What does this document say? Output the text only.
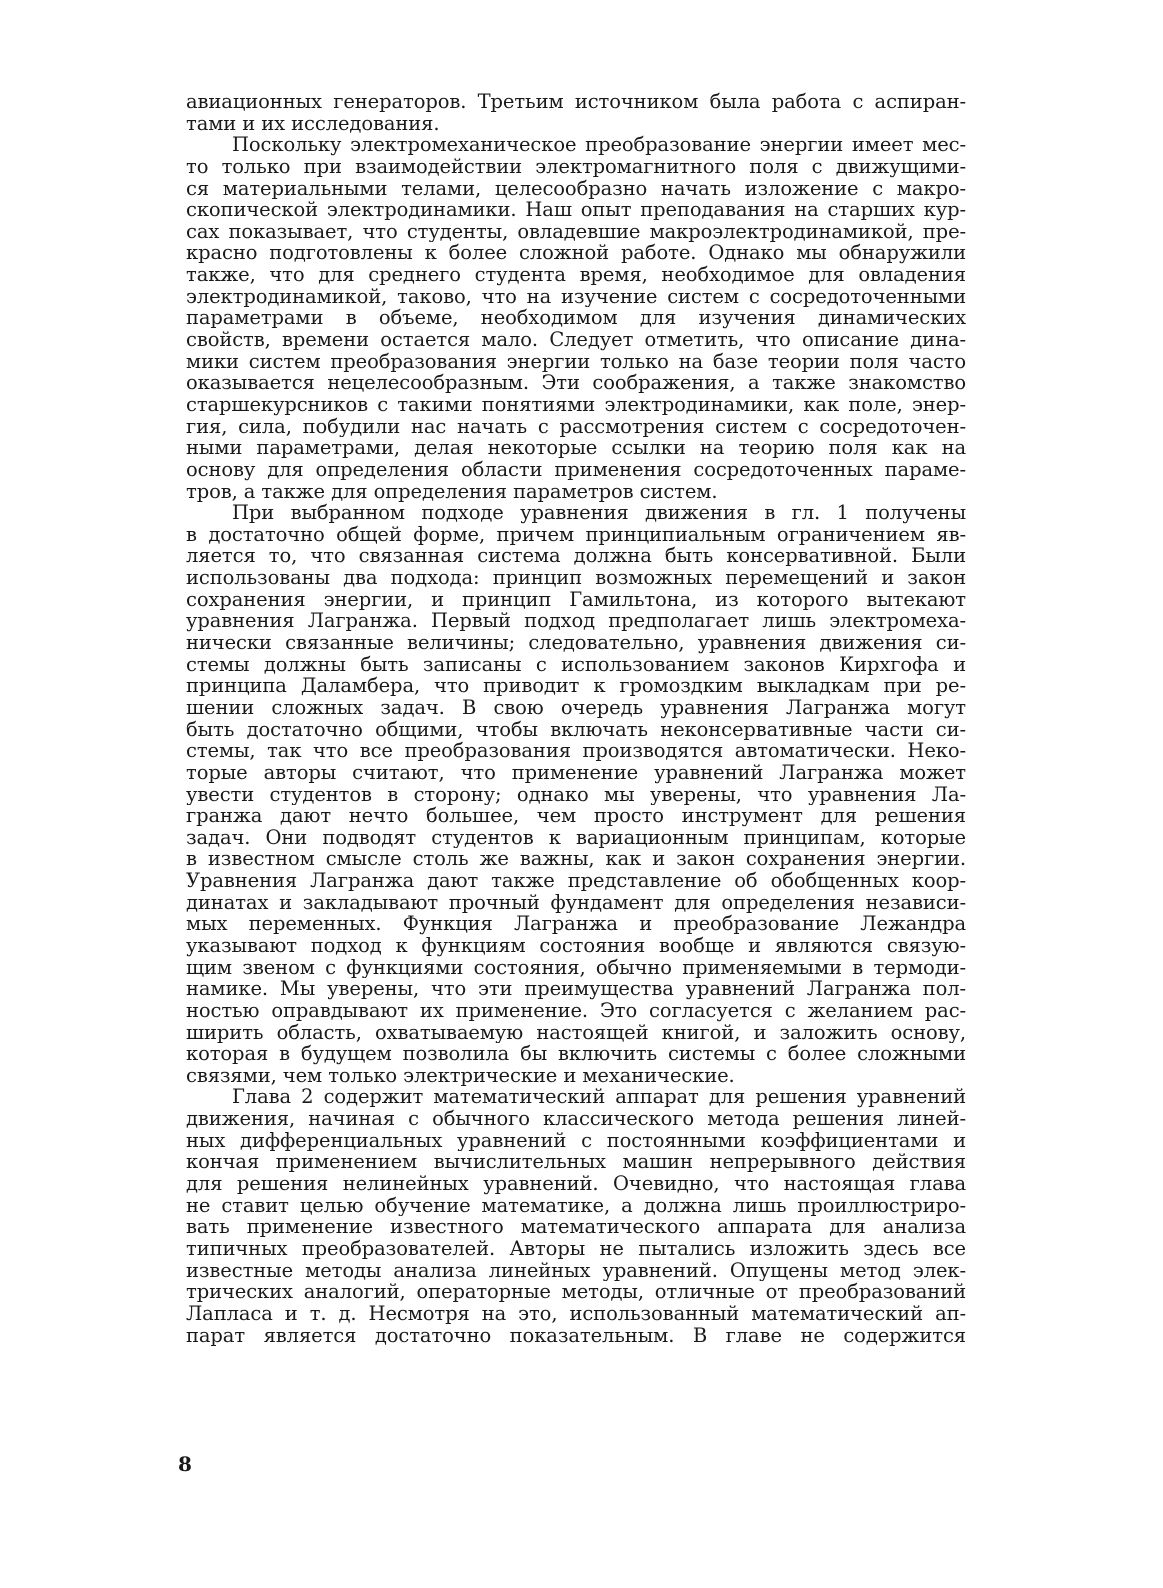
авиационных генераторов. Третьим источником была работа с аспиран-
тами и их исследования.
Поскольку электромеханическое преобразование энергии имеет мес-
то только при взаимодействии электромагнитного поля с движущими-
ся материальными телами, целесообразно начать изложение с макро-
скопической электродинамики. Наш опыт преподавания на старших кур-
сах показывает, что студенты, овладевшие макроэлектродинамикой, пре-
красно подготовлены к более сложной работе. Однако мы обнаружили
также, что для среднего студента время, необходимое для овладения
электродинамикой, таково, что на изучение систем с сосредоточенными
параметрами в объеме, необходимом для изучения динамических
свойств, времени остается мало. Следует отметить, что описание дина-
мики систем преобразования энергии только на базе теории поля часто
оказывается нецелесообразным. Эти соображения, а также знакомство
старшекурсников с такими понятиями электродинамики, как поле, энер-
гия, сила, побудили нас начать с рассмотрения систем с сосредоточен-
ными параметрами, делая некоторые ссылки на теорию поля как на
основу для определения области применения сосредоточенных параме-
тров, а также для определения параметров систем.
При выбранном подходе уравнения движения в гл. 1 получены
в достаточно общей форме, причем принципиальным ограничением яв-
ляется то, что связанная система должна быть консервативной. Были
использованы два подхода: принцип возможных перемещений и закон
сохранения энергии, и принцип Гамильтона, из которого вытекают
уравнения Лагранжа. Первый подход предполагает лишь электромеха-
нически связанные величины; следовательно, уравнения движения си-
стемы должны быть записаны с использованием законов Кирхгофа и
принципа Даламбера, что приводит к громоздким выкладкам при ре-
шении сложных задач. В свою очередь уравнения Лагранжа могут
быть достаточно общими, чтобы включать неконсервативные части си-
стемы, так что все преобразования производятся автоматически. Неко-
торые авторы считают, что применение уравнений Лагранжа может
увести студентов в сторону; однако мы уверены, что уравнения Ла-
гранжа дают нечто большее, чем просто инструмент для решения
задач. Они подводят студентов к вариационным принципам, которые
в известном смысле столь же важны, как и закон сохранения энергии.
Уравнения Лагранжа дают также представление об обобщенных коор-
динатах и закладывают прочный фундамент для определения независи-
мых переменных. Функция Лагранжа и преобразование Лежандра
указывают подход к функциям состояния вообще и являются связую-
щим звеном с функциями состояния, обычно применяемыми в термоди-
намике. Мы уверены, что эти преимущества уравнений Лагранжа пол-
ностью оправдывают их применение. Это согласуется с желанием рас-
ширить область, охватываемую настоящей книгой, и заложить основу,
которая в будущем позволила бы включить системы с более сложными
связями, чем только электрические и механические.
Глава 2 содержит математический аппарат для решения уравнений
движения, начиная с обычного классического метода решения линей-
ных дифференциальных уравнений с постоянными коэффициентами и
кончая применением вычислительных машин непрерывного действия
для решения нелинейных уравнений. Очевидно, что настоящая глава
не ставит целью обучение математике, а должна лишь проиллюстриро-
вать применение известного математического аппарата для анализа
типичных преобразователей. Авторы не пытались изложить здесь все
известные методы анализа линейных уравнений. Опущены метод элек-
трических аналогий, операторные методы, отличные от преобразований
Лапласа и т. д. Несмотря на это, использованный математический ап-
парат является достаточно показательным. В главе не содержится
8
